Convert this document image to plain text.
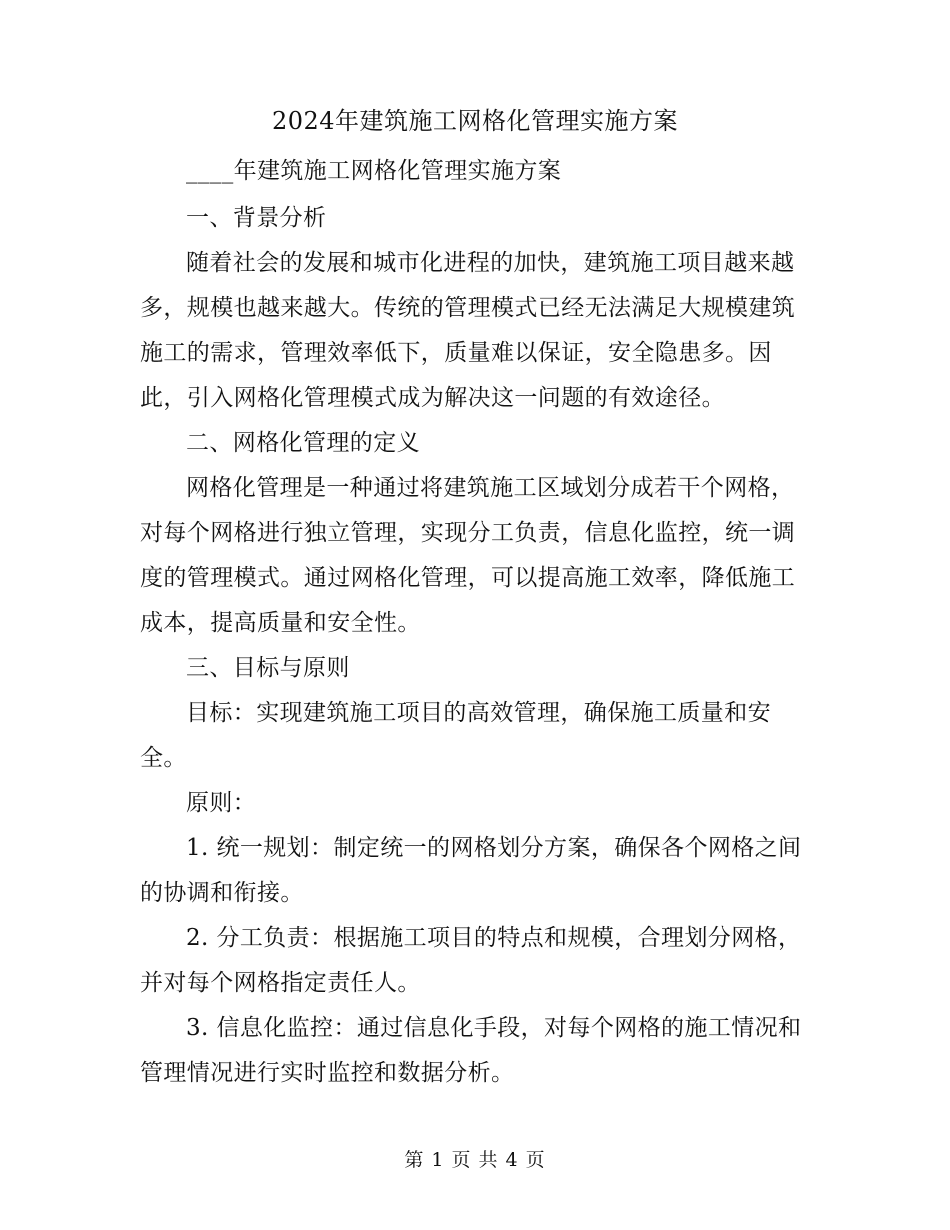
2024年建筑施工网格化管理实施方案
____年建筑施工网格化管理实施方案
一、背景分析
随着社会的发展和城市化进程的加快，建筑施工项目越来越
多，规模也越来越大。传统的管理模式已经无法满足大规模建筑
施工的需求，管理效率低下，质量难以保证，安全隐患多。因
此，引入网格化管理模式成为解决这一问题的有效途径。
二、网格化管理的定义
网格化管理是一种通过将建筑施工区域划分成若干个网格，
对每个网格进行独立管理，实现分工负责，信息化监控，统一调
度的管理模式。通过网格化管理，可以提高施工效率，降低施工
成本，提高质量和安全性。
三、目标与原则
目标：实现建筑施工项目的高效管理，确保施工质量和安
全。
原则：
1. 统一规划：制定统一的网格划分方案，确保各个网格之间
的协调和衔接。
2. 分工负责：根据施工项目的特点和规模，合理划分网格，
并对每个网格指定责任人。
3. 信息化监控：通过信息化手段，对每个网格的施工情况和
管理情况进行实时监控和数据分析。
第 1 页 共 4 页
